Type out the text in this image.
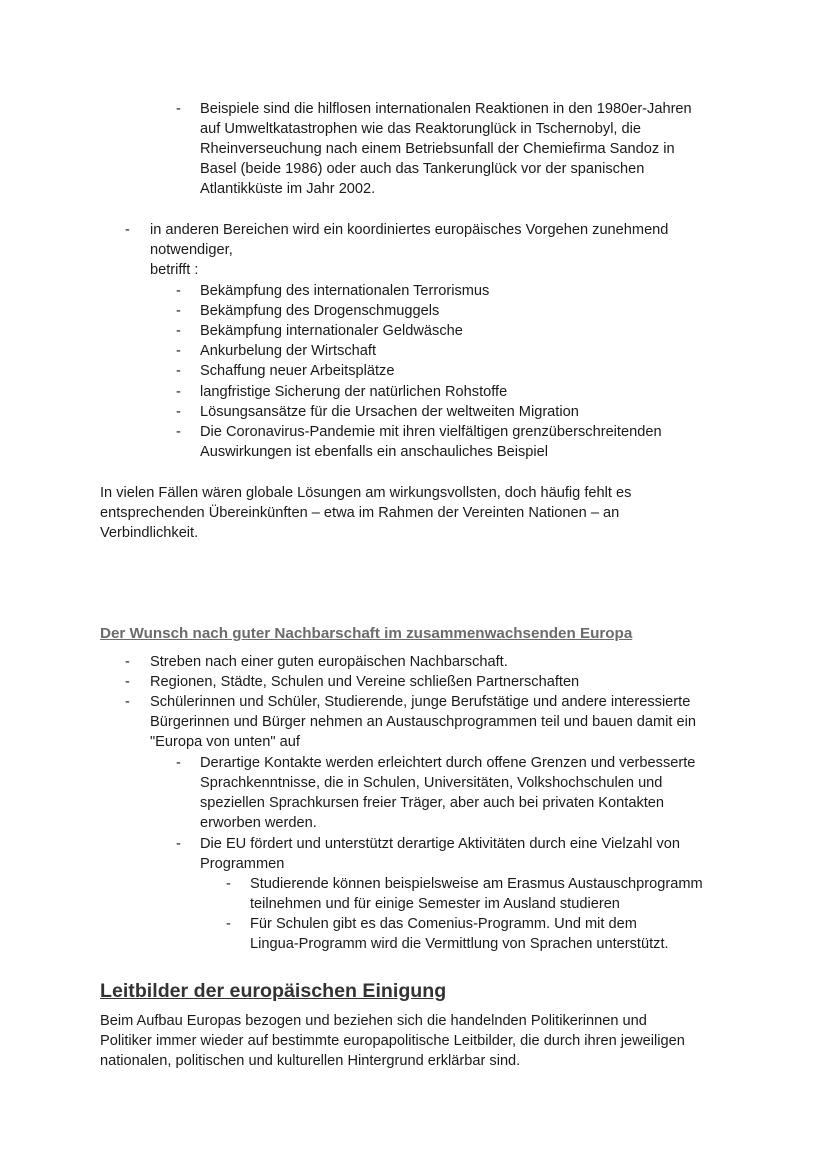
- Beispiele sind die hilflosen internationalen Reaktionen in den 1980er-Jahren
auf Umweltkatastrophen wie das Reaktorunglück in Tschernobyl, die
Rheinverseuchung nach einem Betriebsunfall der Chemiefirma Sandoz in
Basel (beide 1986) oder auch das Tankerunglück vor der spanischen
Atlantikküste im Jahr 2002.
- in anderen Bereichen wird ein koordiniertes europäisches Vorgehen zunehmend
notwendiger,
betrifft :
- Bekämpfung des internationalen Terrorismus
- Bekämpfung des Drogenschmuggels
- Bekämpfung internationaler Geldwäsche
- Ankurbelung der Wirtschaft
- Schaffung neuer Arbeitsplätze
- langfristige Sicherung der natürlichen Rohstoffe
- Lösungsansätze für die Ursachen der weltweiten Migration
- Die Coronavirus-Pandemie mit ihren vielfältigen grenzüberschreitenden
Auswirkungen ist ebenfalls ein anschauliches Beispiel
In vielen Fällen wären globale Lösungen am wirkungsvollsten, doch häufig fehlt es
entsprechenden Übereinkünften – etwa im Rahmen der Vereinten Nationen – an
Verbindlichkeit.
Der Wunsch nach guter Nachbarschaft im zusammenwachsenden Europa
- Streben nach einer guten europäischen Nachbarschaft.
- Regionen, Städte, Schulen und Vereine schließen Partnerschaften
- Schülerinnen und Schüler, Studierende, junge Berufstätige und andere interessierte
Bürgerinnen und Bürger nehmen an Austauschprogrammen teil und bauen damit ein
"Europa von unten" auf
- Derartige Kontakte werden erleichtert durch offene Grenzen und verbesserte
Sprachkenntnisse, die in Schulen, Universitäten, Volkshochschulen und
speziellen Sprachkursen freier Träger, aber auch bei privaten Kontakten
erworben werden.
- Die EU fördert und unterstützt derartige Aktivitäten durch eine Vielzahl von
Programmen
- Studierende können beispielsweise am Erasmus Austauschprogramm
teilnehmen und für einige Semester im Ausland studieren
- Für Schulen gibt es das Comenius-Programm. Und mit dem
Lingua-Programm wird die Vermittlung von Sprachen unterstützt.
Leitbilder der europäischen Einigung
Beim Aufbau Europas bezogen und beziehen sich die handelnden Politikerinnen und
Politiker immer wieder auf bestimmte europapolitische Leitbilder, die durch ihren jeweiligen
nationalen, politischen und kulturellen Hintergrund erklärbar sind.
